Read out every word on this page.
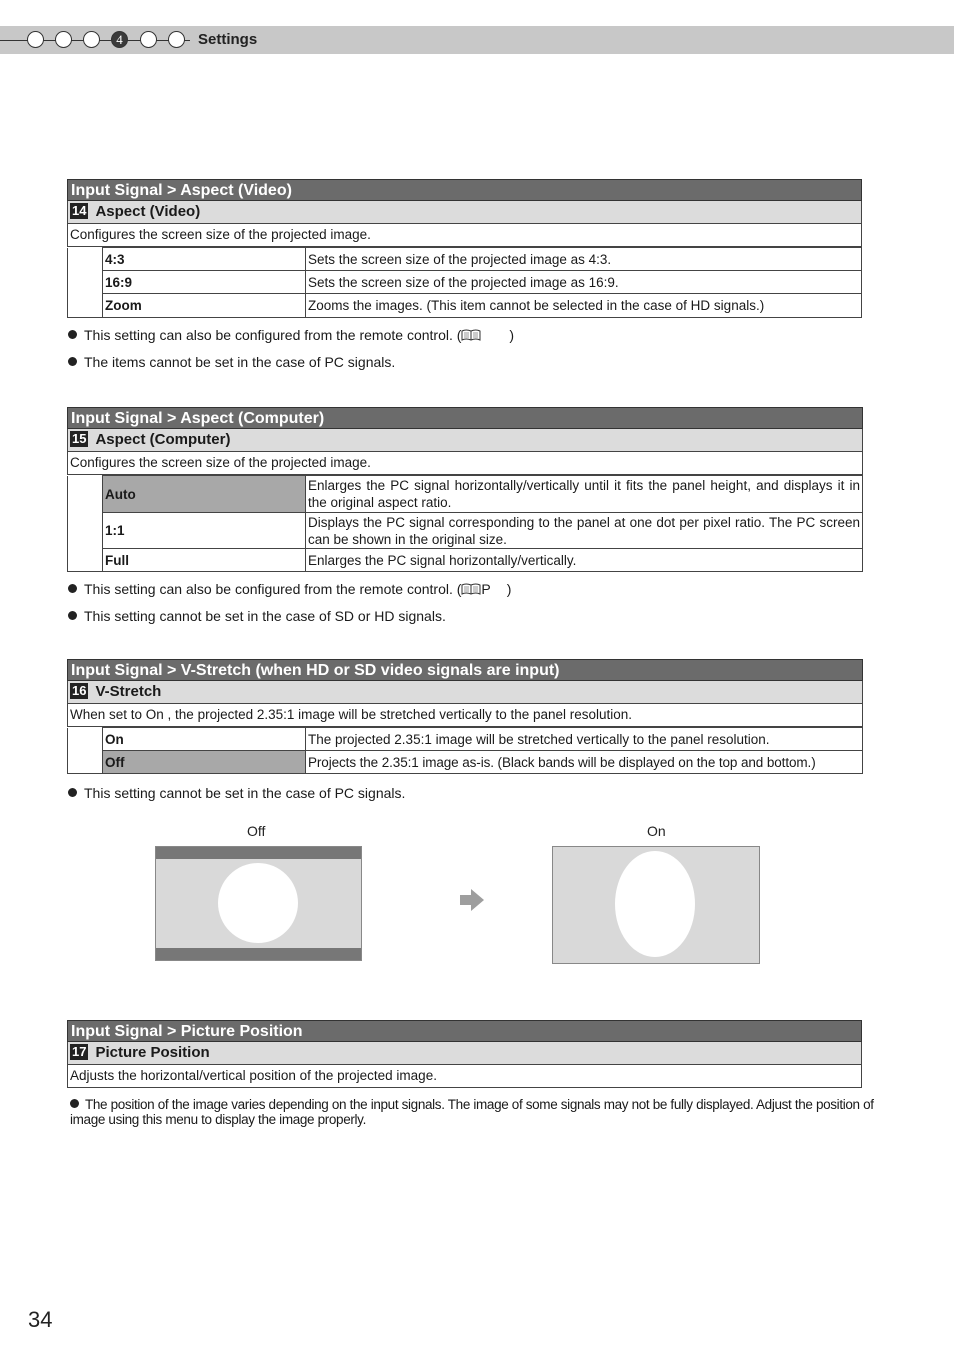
4	Settings
Input Signal > Aspect (Video)
14 Aspect (Video)
Configures the screen size of the projected image.
	4:3	Sets the screen size of the projected image as 4:3.
	16:9	Sets the screen size of the projected image as 16:9.
	Zoom	Zooms the images. (This item cannot be selected in the case of HD signals.)
This setting can also be configured from the remote control. (	)
The items cannot be set in the case of PC signals.
Input Signal > Aspect (Computer)
15 Aspect (Computer)
Configures the screen size of the projected image.
	Auto	Enlarges the PC signal horizontally/vertically until it fits the panel height, and displays it in the original aspect ratio.
	1:1	Displays the PC signal corresponding to the panel at one dot per pixel ratio. The PC screen can be shown in the original size.
	Full	Enlarges the PC signal horizontally/vertically.
This setting can also be configured from the remote control. ( P )
This setting cannot be set in the case of SD or HD signals.
Input Signal > V-Stretch (when HD or SD video signals are input)
16 V-Stretch
When set to On , the projected 2.35:1 image will be stretched vertically to the panel resolution.
	On	The projected 2.35:1 image will be stretched vertically to the panel resolution.
	Off	Projects the 2.35:1 image as-is. (Black bands will be displayed on the top and bottom.)
This setting cannot be set in the case of PC signals.
Off	On
Input Signal > Picture Position
17 Picture Position
Adjusts the horizontal/vertical position of the projected image.
The position of the image varies depending on the input signals. The image of some signals may not be fully displayed. Adjust the position of image using this menu to display the image properly.
34
